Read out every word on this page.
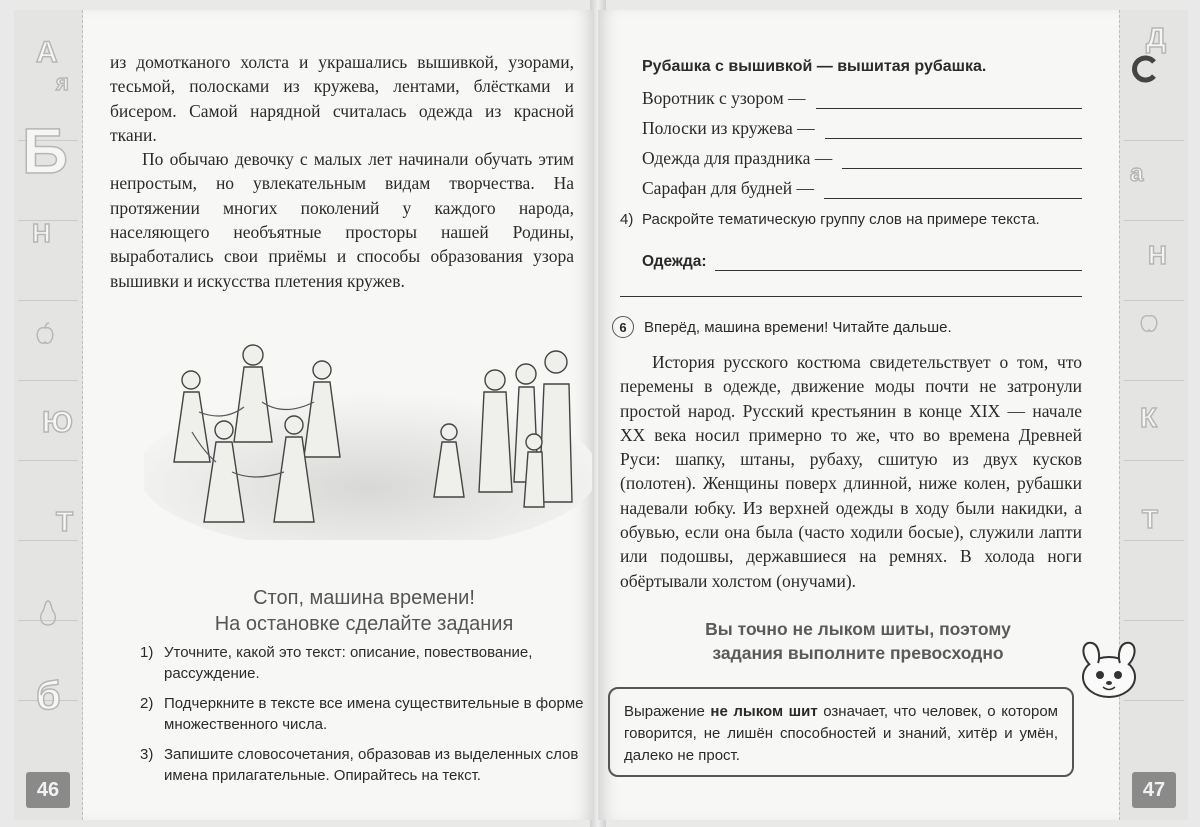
А
я
Б
Н
Ю
Т
б

из домотканого холста и украшались вышивкой, узорами, тесьмой, полосками из кружева, лентами, блёстками и бисером. Самой нарядной считалась одежда из красной ткани.

По обычаю девочку с малых лет начинали обучать этим непростым, но увлекательным видам творчества. На протяжении многих поколений у каждого народа, населяющего необъятные просторы нашей Родины, выработались свои приёмы и способы образования узора вышивки и искусства плетения кружев.

Стоп, машина времени!
На остановке сделайте задания
1) Уточните, какой это текст: описание, повествование, рассуждение.
2) Подчеркните в тексте все имена существительные в форме множественного числа.
3) Запишите словосочетания, образовав из выделенных слов имена прилагательные. Опирайтесь на текст.
46
Д
а
Н
К
Т
Рубашка с вышивкой — вышитая рубашка.
Воротник с узором —
Полоски из кружева —
Одежда для праздника —
Сарафан для будней —
4) Раскройте тематическую группу слов на примере текста.
Одежда:
6	Вперёд, машина времени! Читайте дальше.

История русского костюма свидетельствует о том, что перемены в одежде, движение моды почти не затронули простой народ. Русский крестьянин в конце XIX — начале XX века носил примерно то же, что во времена Древней Руси: шапку, штаны, рубаху, сшитую из двух кусков (полотен). Женщины поверх длинной, ниже колен, рубашки надевали юбку. Из верхней одежды в ходу были накидки, а обувью, если она была (часто ходили босые), служили лапти или подошвы, державшиеся на ремнях. В холода ноги обёртывали холстом (онучами).

Вы точно не лыком шиты, поэтому
задания выполните превосходно
Выражение не лыком шит означает, что человек, о котором говорится, не лишён способностей и знаний, хитёр и умён, далеко не прост.
47
